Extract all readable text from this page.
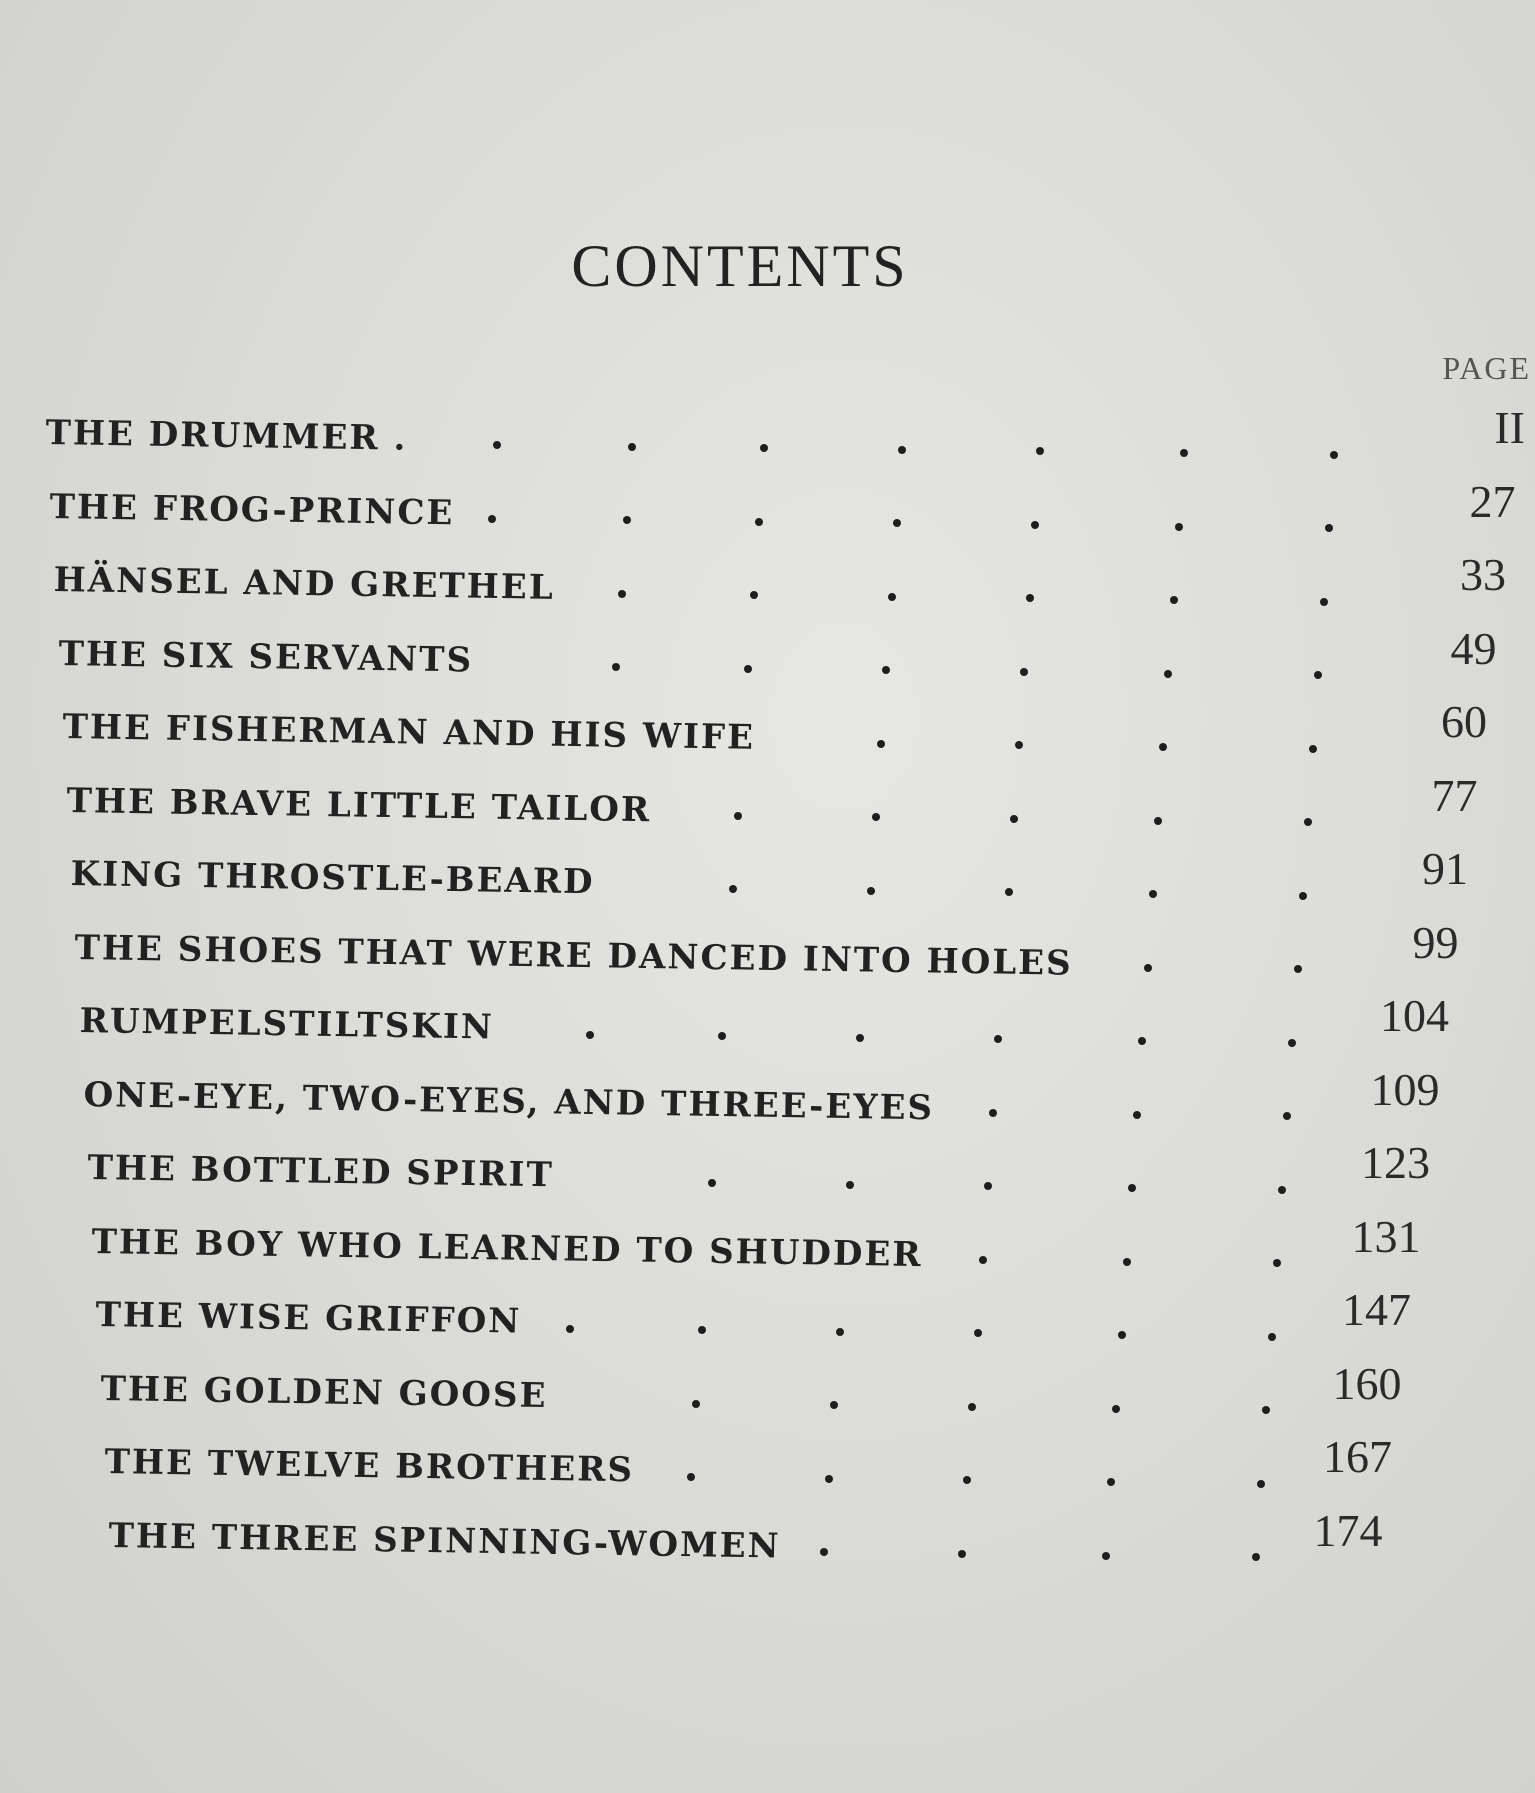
CONTENTS
PAGE
THE DRUMMER .	II
THE FROG-PRINCE	27
HÄNSEL AND GRETHEL	33
THE SIX SERVANTS	49
THE FISHERMAN AND HIS WIFE	60
THE BRAVE LITTLE TAILOR	77
KING THROSTLE-BEARD	91
THE SHOES THAT WERE DANCED INTO HOLES	99
RUMPELSTILTSKIN	104
ONE-EYE, TWO-EYES, AND THREE-EYES	109
THE BOTTLED SPIRIT	123
THE BOY WHO LEARNED TO SHUDDER	131
THE WISE GRIFFON	147
THE GOLDEN GOOSE	160
THE TWELVE BROTHERS	167
THE THREE SPINNING-WOMEN	174
